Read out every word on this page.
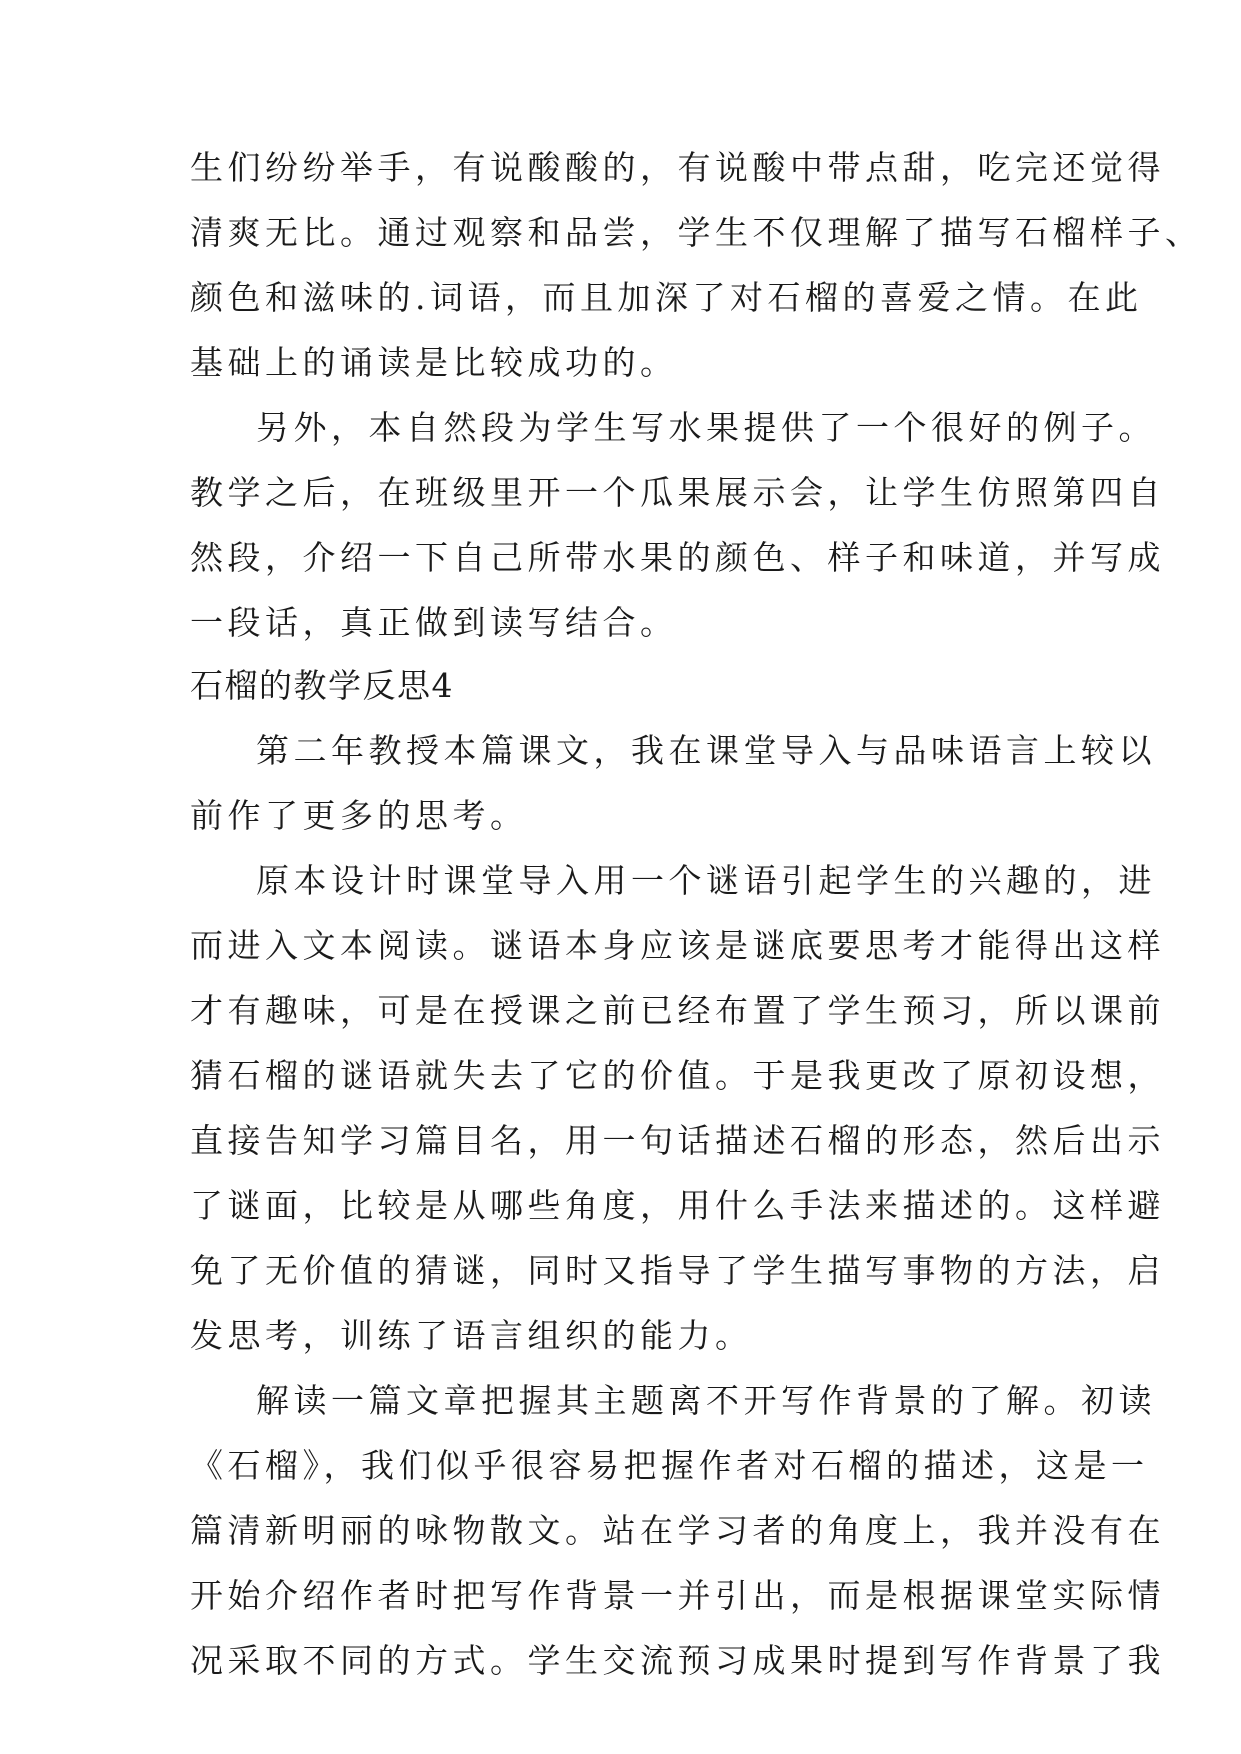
生们纷纷举手，有说酸酸的，有说酸中带点甜，吃完还觉得
清爽无比。通过观察和品尝，学生不仅理解了描写石榴样子、
颜色和滋味的.词语，而且加深了对石榴的喜爱之情。在此
基础上的诵读是比较成功的。
另外，本自然段为学生写水果提供了一个很好的例子。
教学之后，在班级里开一个瓜果展示会，让学生仿照第四自
然段，介绍一下自己所带水果的颜色、样子和味道，并写成
一段话，真正做到读写结合。
石榴的教学反思4
第二年教授本篇课文，我在课堂导入与品味语言上较以
前作了更多的思考。
原本设计时课堂导入用一个谜语引起学生的兴趣的，进
而进入文本阅读。谜语本身应该是谜底要思考才能得出这样
才有趣味，可是在授课之前已经布置了学生预习，所以课前
猜石榴的谜语就失去了它的价值。于是我更改了原初设想，
直接告知学习篇目名，用一句话描述石榴的形态，然后出示
了谜面，比较是从哪些角度，用什么手法来描述的。这样避
免了无价值的猜谜，同时又指导了学生描写事物的方法，启
发思考，训练了语言组织的能力。
解读一篇文章把握其主题离不开写作背景的了解。初读
《石榴》，我们似乎很容易把握作者对石榴的描述，这是一
篇清新明丽的咏物散文。站在学习者的角度上，我并没有在
开始介绍作者时把写作背景一并引出，而是根据课堂实际情
况采取不同的方式。学生交流预习成果时提到写作背景了我
